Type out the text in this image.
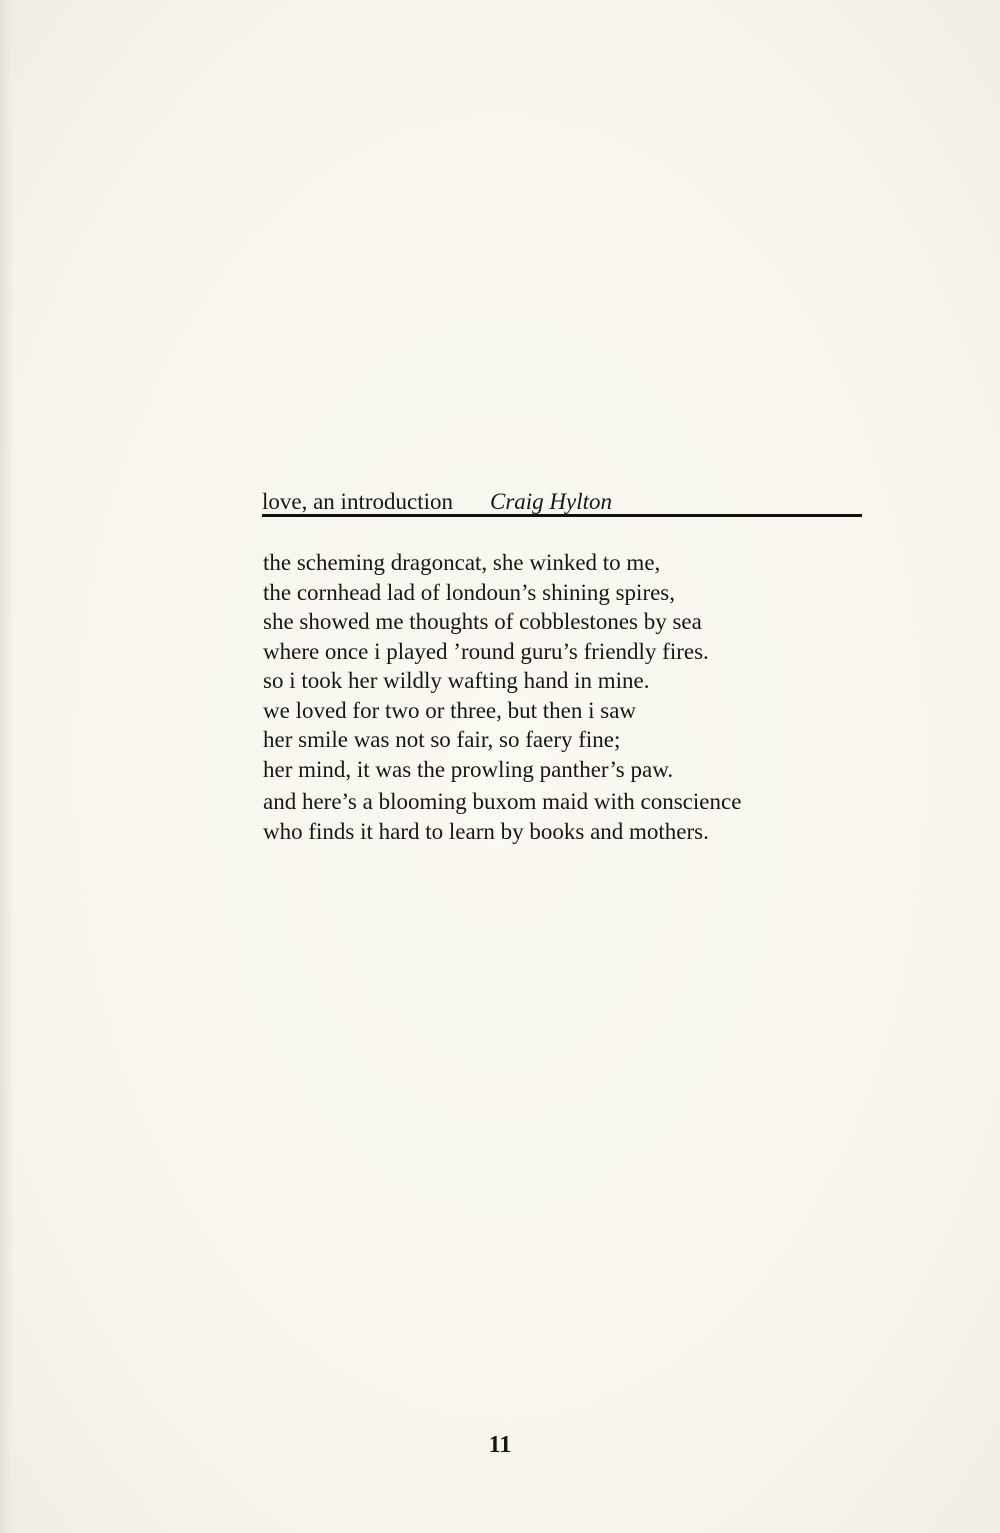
love, an introduction Craig Hylton
the scheming dragoncat, she winked to me,
the cornhead lad of londoun’s shining spires,
she showed me thoughts of cobblestones by sea
where once i played ’round guru’s friendly fires.
so i took her wildly wafting hand in mine.
we loved for two or three, but then i saw
her smile was not so fair, so faery fine;
her mind, it was the prowling panther’s paw.
and here’s a blooming buxom maid with conscience
who finds it hard to learn by books and mothers.
11
